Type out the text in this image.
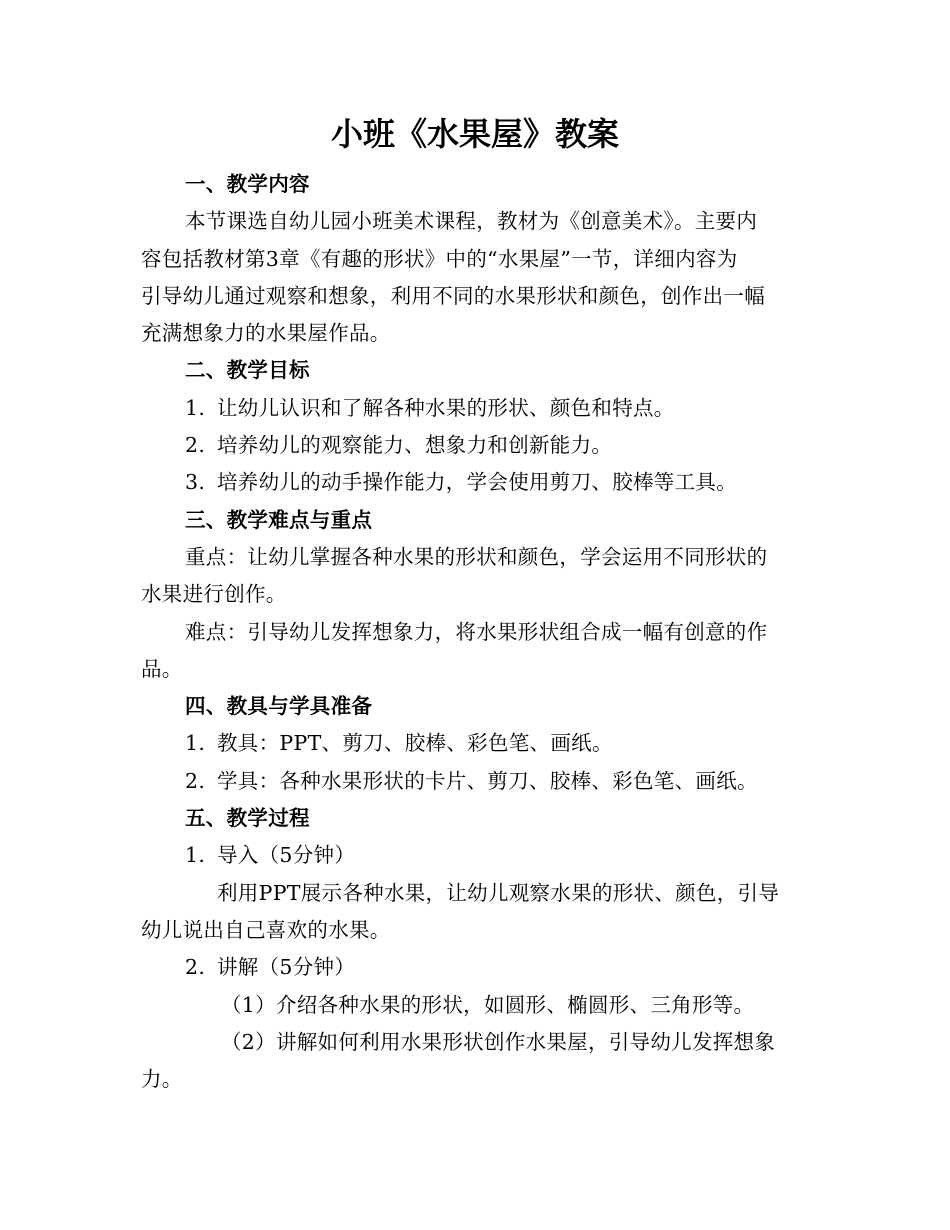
小班《水果屋》教案
一、教学内容
本节课选自幼儿园小班美术课程，教材为《创意美术》。主要内
容包括教材第3章《有趣的形状》中的“水果屋”一节，详细内容为
引导幼儿通过观察和想象，利用不同的水果形状和颜色，创作出一幅
充满想象力的水果屋作品。
二、教学目标
1. 让幼儿认识和了解各种水果的形状、颜色和特点。
2. 培养幼儿的观察能力、想象力和创新能力。
3. 培养幼儿的动手操作能力，学会使用剪刀、胶棒等工具。
三、教学难点与重点
重点：让幼儿掌握各种水果的形状和颜色，学会运用不同形状的
水果进行创作。
难点：引导幼儿发挥想象力，将水果形状组合成一幅有创意的作
品。
四、教具与学具准备
1. 教具：PPT、剪刀、胶棒、彩色笔、画纸。
2. 学具：各种水果形状的卡片、剪刀、胶棒、彩色笔、画纸。
五、教学过程
1. 导入（5分钟）
利用PPT展示各种水果，让幼儿观察水果的形状、颜色，引导
幼儿说出自己喜欢的水果。
2. 讲解（5分钟）
（1）介绍各种水果的形状，如圆形、椭圆形、三角形等。
（2）讲解如何利用水果形状创作水果屋，引导幼儿发挥想象
力。
